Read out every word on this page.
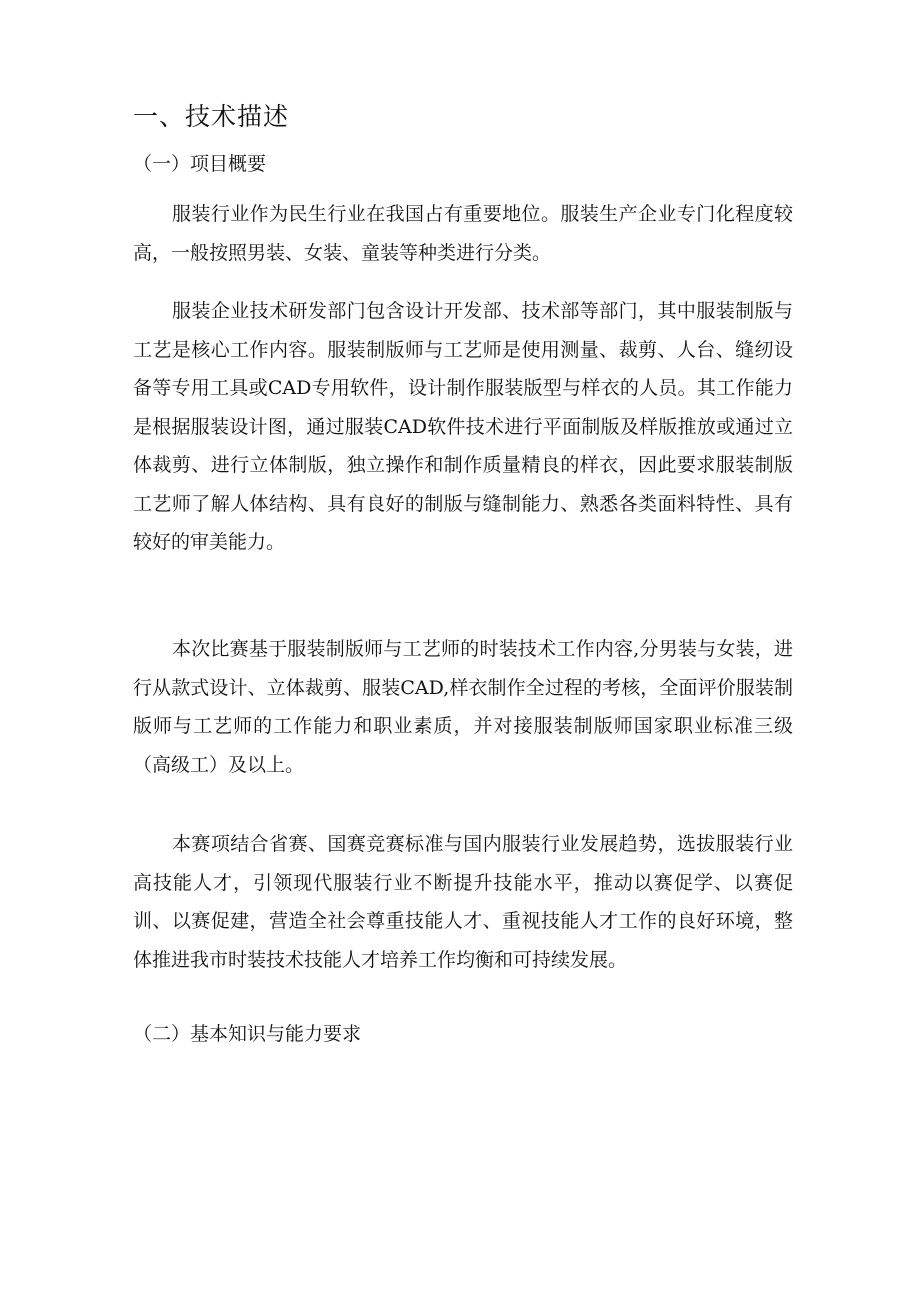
一、技术描述
（一）项目概要

服装行业作为民生行业在我国占有重要地位。服装生产企业专门化程度较高，一般按照男装、女装、童装等种类进行分类。

服装企业技术研发部门包含设计开发部、技术部等部门，其中服装制版与工艺是核心工作内容。服装制版师与工艺师是使用测量、裁剪、人台、缝纫设备等专用工具或CAD专用软件，设计制作服装版型与样衣的人员。其工作能力是根据服装设计图，通过服装CAD软件技术进行平面制版及样版推放或通过立体裁剪、进行立体制版，独立操作和制作质量精良的样衣，因此要求服装制版工艺师了解人体结构、具有良好的制版与缝制能力、熟悉各类面料特性、具有较好的审美能力。

本次比赛基于服装制版师与工艺师的时装技术工作内容,分男装与女装，进行从款式设计、立体裁剪、服装CAD,样衣制作全过程的考核，全面评价服装制版师与工艺师的工作能力和职业素质，并对接服装制版师国家职业标准三级（高级工）及以上。

本赛项结合省赛、国赛竞赛标准与国内服装行业发展趋势，选拔服装行业高技能人才，引领现代服装行业不断提升技能水平，推动以赛促学、以赛促训、以赛促建，营造全社会尊重技能人才、重视技能人才工作的良好环境，整体推进我市时装技术技能人才培养工作均衡和可持续发展。

（二）基本知识与能力要求
